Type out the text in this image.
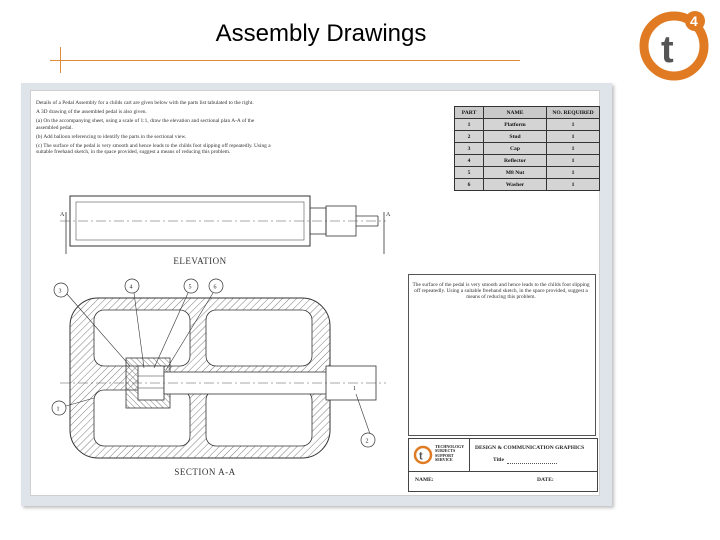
Assembly Drawings	t
4

Details of a Pedal Assembly for a childs cart are given below with the parts list tabulated to the right.

A 3D drawing of the assembled pedal is also given.

(a) On the accompanying sheet, using a scale of 1:1, draw the elevation and sectional plan A-A of the assembled pedal.

(b) Add balloon referencing to identify the parts in the sectional view.

(c) The surface of the pedal is very smooth and hence leads to the childs foot slipping off repeatedly. Using a suitable freehand sketch, in the space provided, suggest a means of reducing this problem.

PART	NAME	NO. REQUIRED
1	Platform	1
2	Stud	1
3	Cap	1
4	Reflector	1
5	M8 Nut	1
6	Washer	1
A	A
3
4	5	6
1
1
2
ELEVATION
SECTION A-A
The surface of the pedal is very smooth and hence leads to the childs foot slipping off repeatedly. Using a suitable freehand sketch, in the space provided, suggest a means of reducing this problem.
t
TECHNOLOGY
SUBJECTS
SUPPORT
SERVICE
DESIGN & COMMUNICATION GRAPHICS
Title
NAME:	DATE:
